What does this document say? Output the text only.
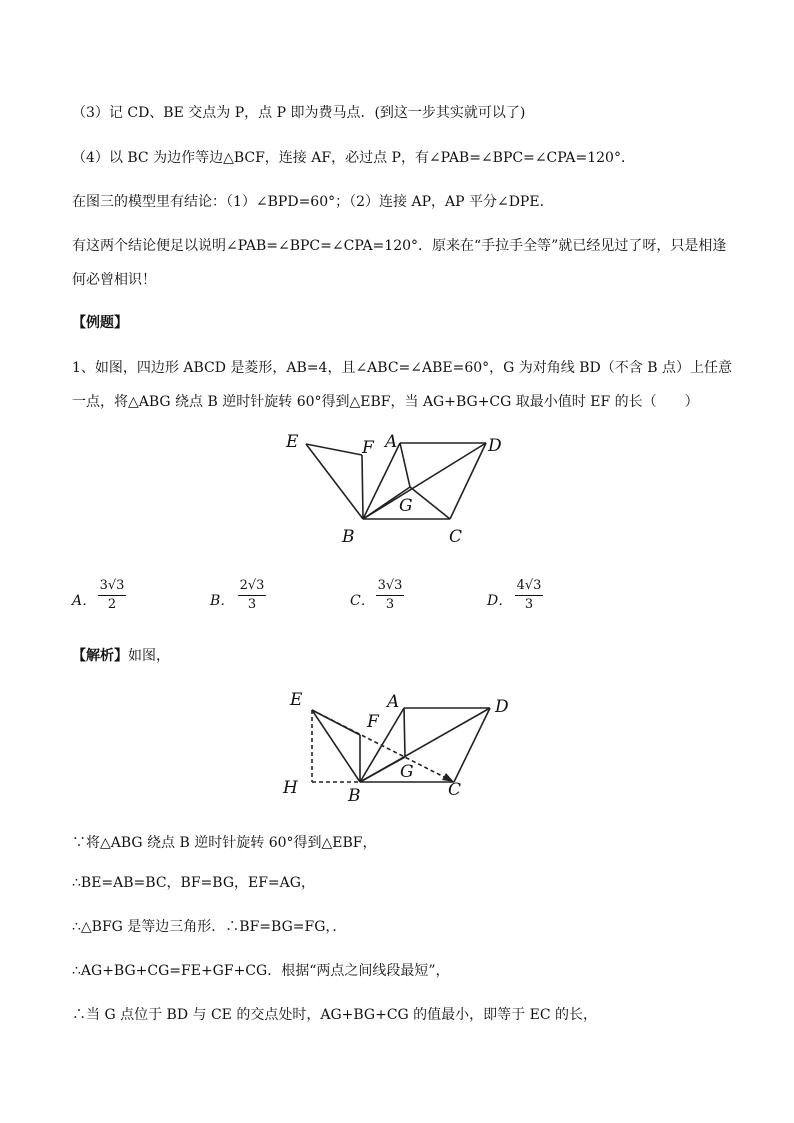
（3）记 CD、BE 交点为 P，点 P 即为费马点．(到这一步其实就可以了)
（4）以 BC 为边作等边△BCF，连接 AF，必过点 P，有∠PAB=∠BPC=∠CPA=120°．
在图三的模型里有结论：（1）∠BPD=60°；（2）连接 AP，AP 平分∠DPE．
有这两个结论便足以说明∠PAB=∠BPC=∠CPA=120°．原来在“手拉手全等”就已经见过了呀，只是相逢何必曾相识！
【例题】
1、如图，四边形 ABCD 是菱形，AB=4，且∠ABC=∠ABE=60°，G 为对角线 BD（不含 B 点）上任意一点，将△ABG 绕点 B 逆时针旋转 60°得到△EBF，当 AG+BG+CG 取最小值时 EF 的长（　　）
E	F A	D
G
B	C
A．
3√3
2	B．
2√3
3	C．
3√3
3	D．
4√3
3
【解析】如图，
E
F
A	D
G
B	C
H
∵将△ABG 绕点 B 逆时针旋转 60°得到△EBF，
∴BE=AB=BC，BF=BG，EF=AG，
∴△BFG 是等边三角形．∴BF=BG=FG，．
∴AG+BG+CG=FE+GF+CG．根据“两点之间线段最短”，
∴当 G 点位于 BD 与 CE 的交点处时，AG+BG+CG 的值最小，即等于 EC 的长，
